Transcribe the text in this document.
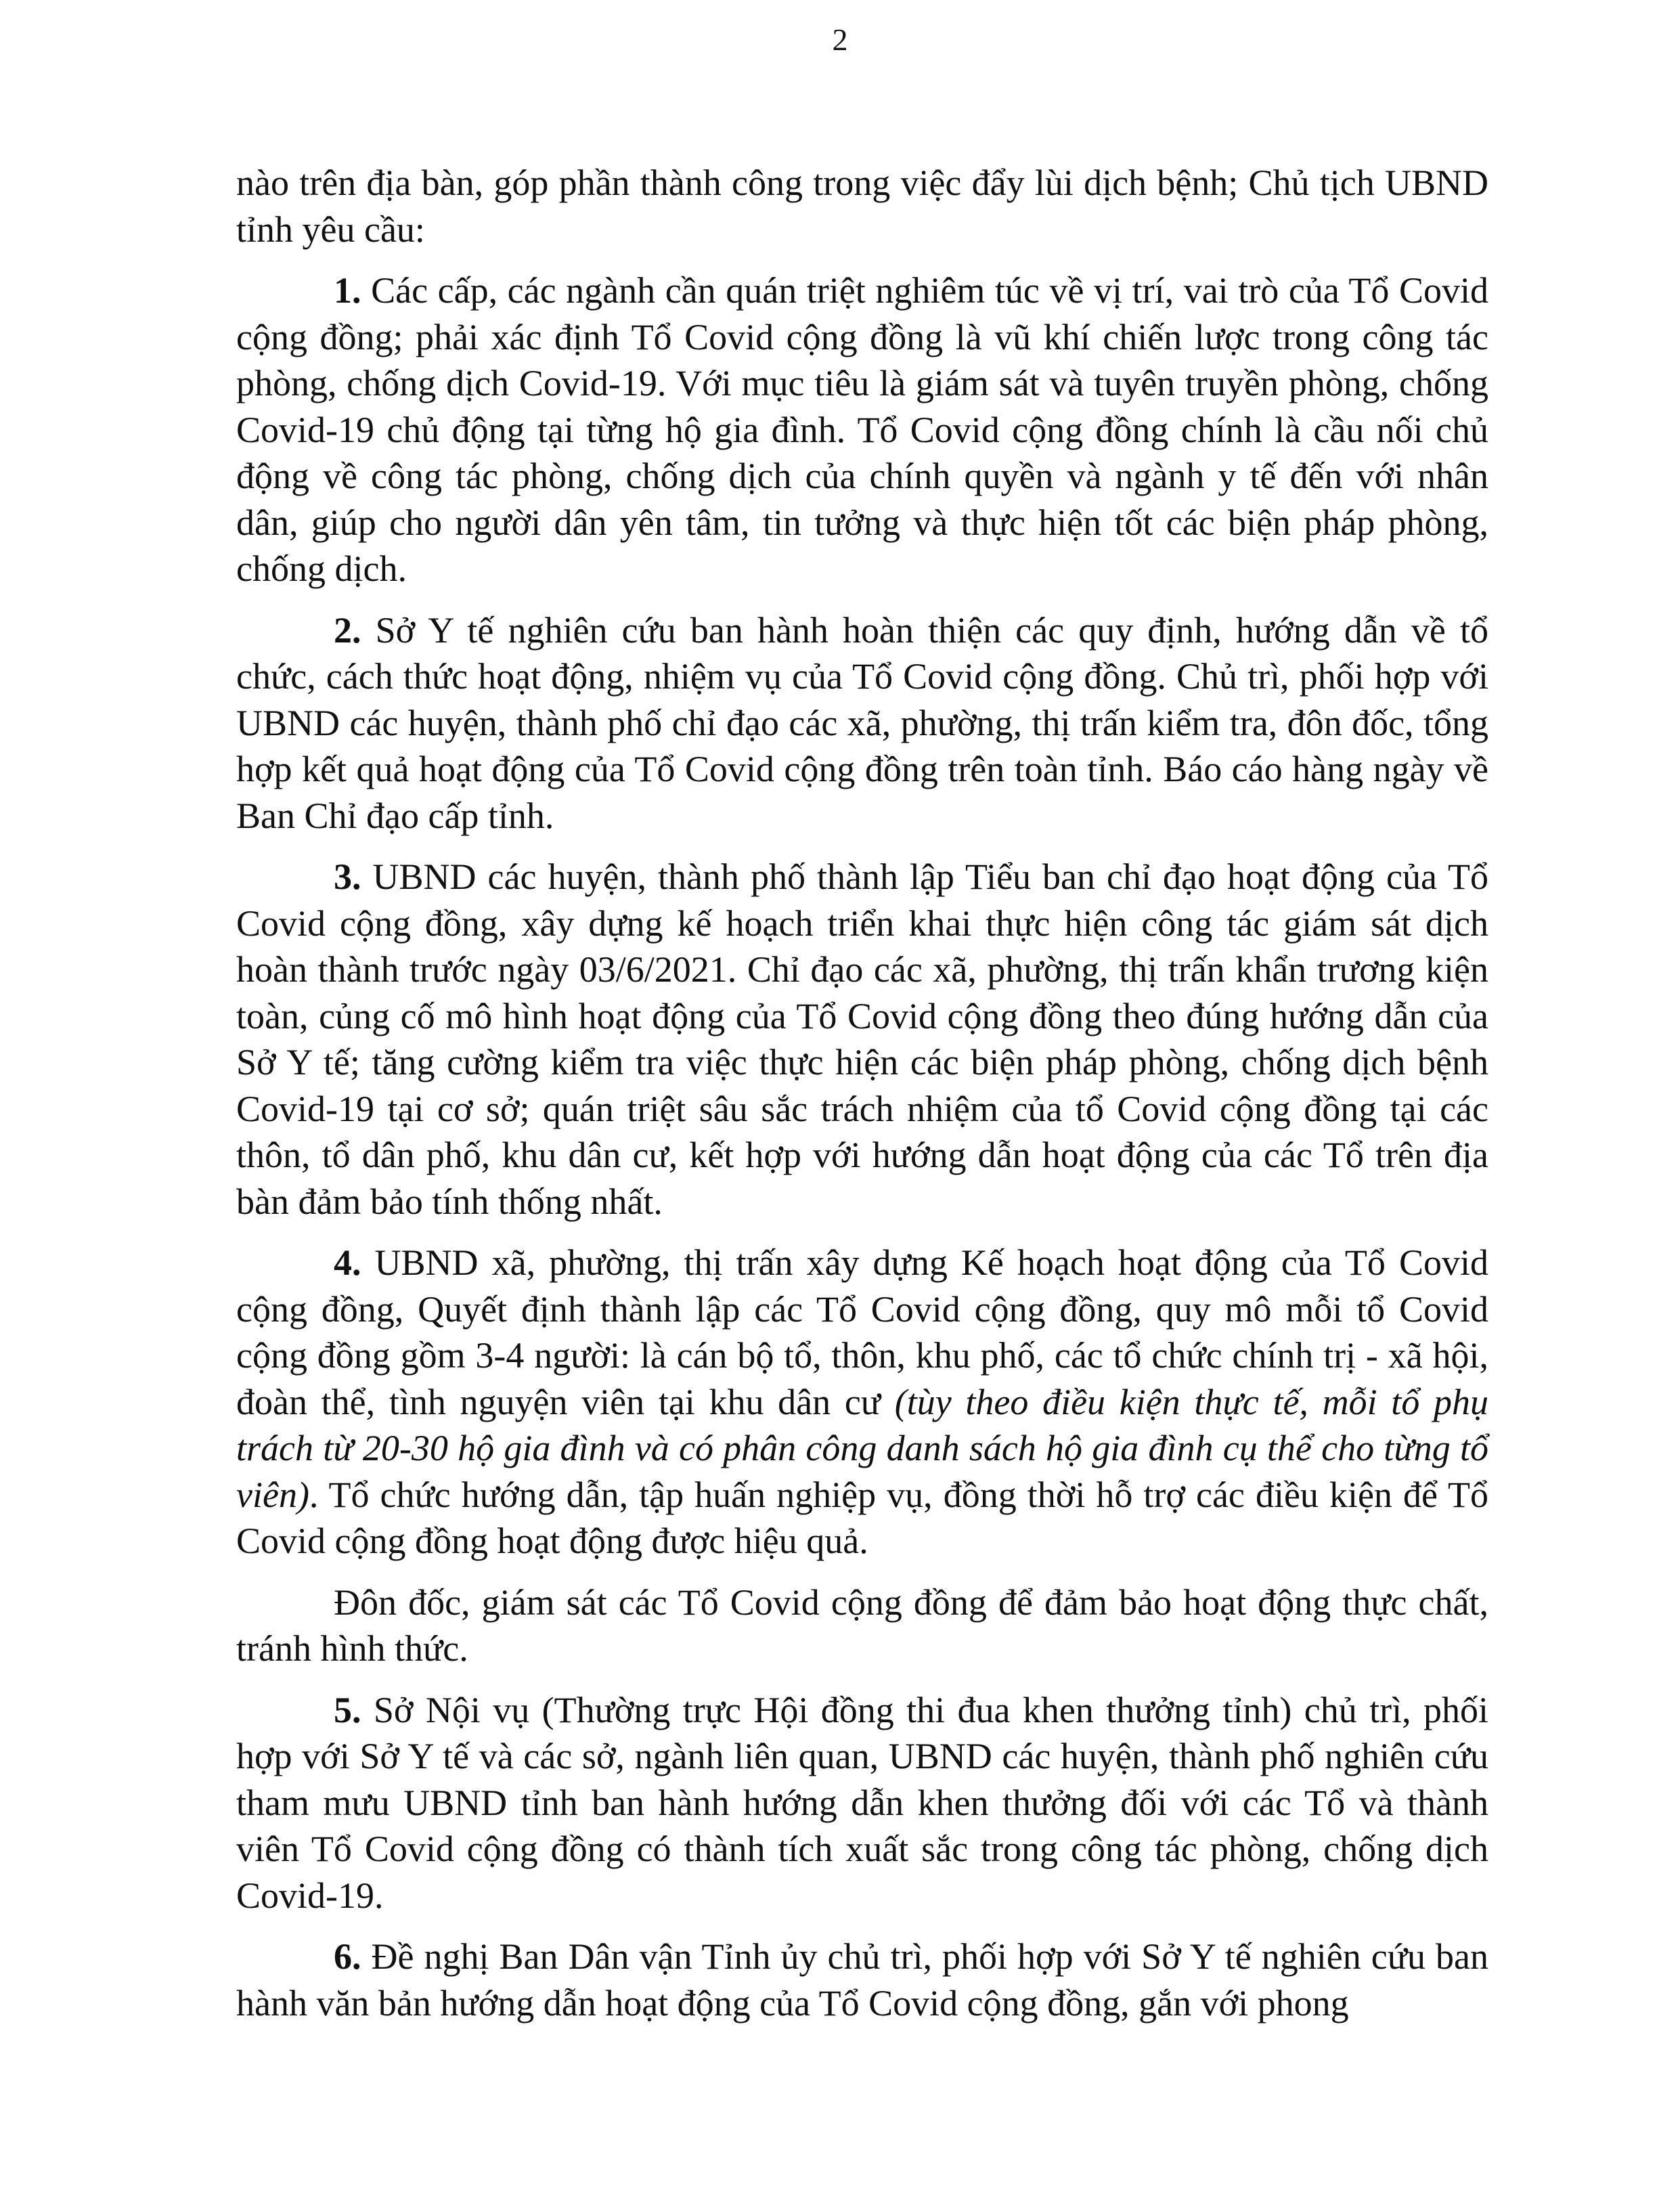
2

nào trên địa bàn, góp phần thành công trong việc đẩy lùi dịch bệnh; Chủ tịch UBND tỉnh yêu cầu:

1. Các cấp, các ngành cần quán triệt nghiêm túc về vị trí, vai trò của Tổ Covid cộng đồng; phải xác định Tổ Covid cộng đồng là vũ khí chiến lược trong công tác phòng, chống dịch Covid-19. Với mục tiêu là giám sát và tuyên truyền phòng, chống Covid-19 chủ động tại từng hộ gia đình. Tổ Covid cộng đồng chính là cầu nối chủ động về công tác phòng, chống dịch của chính quyền và ngành y tế đến với nhân dân, giúp cho người dân yên tâm, tin tưởng và thực hiện tốt các biện pháp phòng, chống dịch.

2. Sở Y tế nghiên cứu ban hành hoàn thiện các quy định, hướng dẫn về tổ chức, cách thức hoạt động, nhiệm vụ của Tổ Covid cộng đồng. Chủ trì, phối hợp với UBND các huyện, thành phố chỉ đạo các xã, phường, thị trấn kiểm tra, đôn đốc, tổng hợp kết quả hoạt động của Tổ Covid cộng đồng trên toàn tỉnh. Báo cáo hàng ngày về Ban Chỉ đạo cấp tỉnh.

3. UBND các huyện, thành phố thành lập Tiểu ban chỉ đạo hoạt động của Tổ Covid cộng đồng, xây dựng kế hoạch triển khai thực hiện công tác giám sát dịch hoàn thành trước ngày 03/6/2021. Chỉ đạo các xã, phường, thị trấn khẩn trương kiện toàn, củng cố mô hình hoạt động của Tổ Covid cộng đồng theo đúng hướng dẫn của Sở Y tế; tăng cường kiểm tra việc thực hiện các biện pháp phòng, chống dịch bệnh Covid-19 tại cơ sở; quán triệt sâu sắc trách nhiệm của tổ Covid cộng đồng tại các thôn, tổ dân phố, khu dân cư, kết hợp với hướng dẫn hoạt động của các Tổ trên địa bàn đảm bảo tính thống nhất.

4. UBND xã, phường, thị trấn xây dựng Kế hoạch hoạt động của Tổ Covid cộng đồng, Quyết định thành lập các Tổ Covid cộng đồng, quy mô mỗi tổ Covid cộng đồng gồm 3-4 người: là cán bộ tổ, thôn, khu phố, các tổ chức chính trị - xã hội, đoàn thể, tình nguyện viên tại khu dân cư (tùy theo điều kiện thực tế, mỗi tổ phụ trách từ 20-30 hộ gia đình và có phân công danh sách hộ gia đình cụ thể cho từng tổ viên). Tổ chức hướng dẫn, tập huấn nghiệp vụ, đồng thời hỗ trợ các điều kiện để Tổ Covid cộng đồng hoạt động được hiệu quả.

Đôn đốc, giám sát các Tổ Covid cộng đồng để đảm bảo hoạt động thực chất, tránh hình thức.

5. Sở Nội vụ (Thường trực Hội đồng thi đua khen thưởng tỉnh) chủ trì, phối hợp với Sở Y tế và các sở, ngành liên quan, UBND các huyện, thành phố nghiên cứu tham mưu UBND tỉnh ban hành hướng dẫn khen thưởng đối với các Tổ và thành viên Tổ Covid cộng đồng có thành tích xuất sắc trong công tác phòng, chống dịch Covid-19.

6. Đề nghị Ban Dân vận Tỉnh ủy chủ trì, phối hợp với Sở Y tế nghiên cứu ban hành văn bản hướng dẫn hoạt động của Tổ Covid cộng đồng, gắn với phong
